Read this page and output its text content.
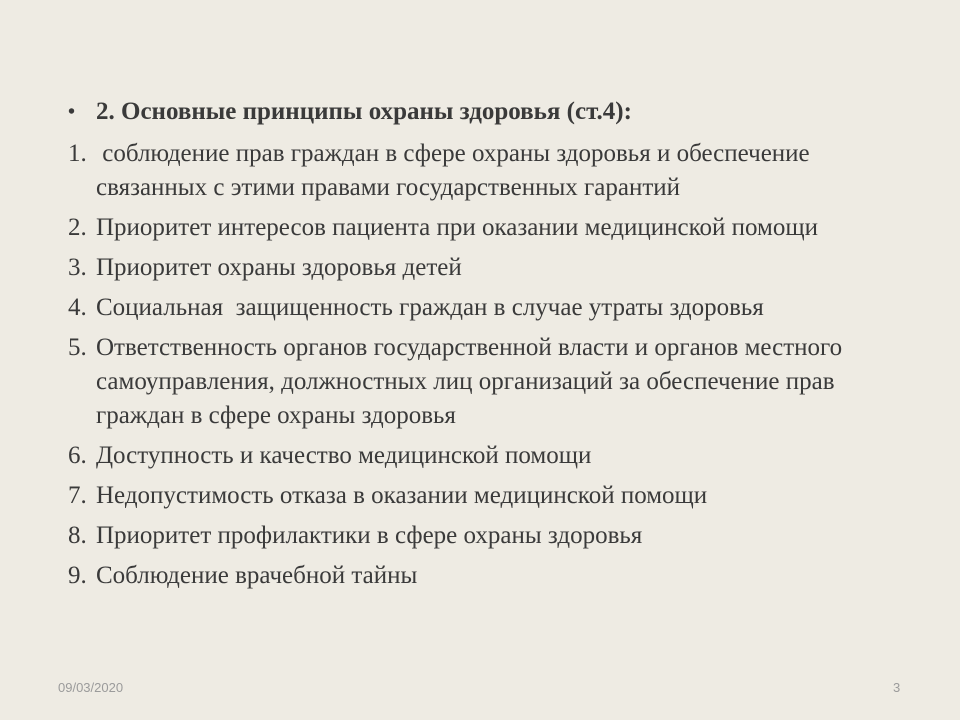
• 2. Основные принципы охраны здоровья (ст.4):
1. соблюдение прав граждан в сфере охраны здоровья и обеспечение  связанных с этими правами государственных гарантий
2. Приоритет интересов пациента при оказании медицинской помощи
3. Приоритет охраны здоровья детей
4. Социальная  защищенность граждан в случае утраты здоровья
5. Ответственность органов государственной власти и органов местного самоуправления, должностных лиц организаций за обеспечение прав граждан в сфере охраны здоровья
6. Доступность и качество медицинской помощи
7. Недопустимость отказа в оказании медицинской помощи
8. Приоритет профилактики в сфере охраны здоровья
9. Соблюдение врачебной тайны
09/03/2020	3
